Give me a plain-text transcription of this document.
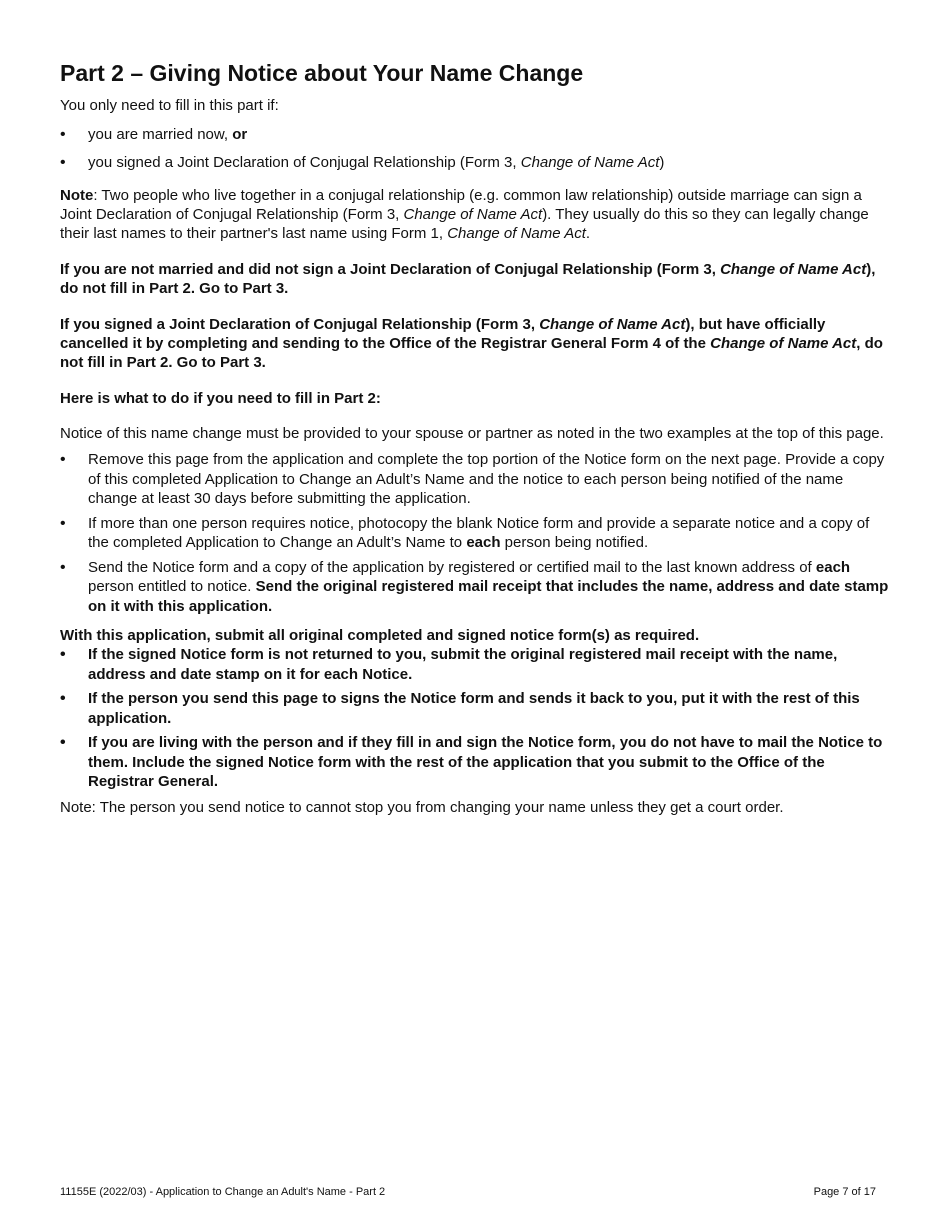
Part 2 – Giving Notice about Your Name Change

You only need to fill in this part if:

• you are married now, or
• you signed a Joint Declaration of Conjugal Relationship (Form 3, Change of Name Act)

Note: Two people who live together in a conjugal relationship (e.g. common law relationship) outside marriage can sign a Joint Declaration of Conjugal Relationship (Form 3, Change of Name Act). They usually do this so they can legally change their last names to their partner's last name using Form 1, Change of Name Act.

If you are not married and did not sign a Joint Declaration of Conjugal Relationship (Form 3, Change of Name Act), do not fill in Part 2. Go to Part 3.

If you signed a Joint Declaration of Conjugal Relationship (Form 3, Change of Name Act), but have officially cancelled it by completing and sending to the Office of the Registrar General Form 4 of the Change of Name Act, do not fill in Part 2. Go to Part 3.

Here is what to do if you need to fill in Part 2:

Notice of this name change must be provided to your spouse or partner as noted in the two examples at the top of this page.

• Remove this page from the application and complete the top portion of the Notice form on the next page. Provide a copy of this completed Application to Change an Adult’s Name and the notice to each person being notified of the name change at least 30 days before submitting the application.
• If more than one person requires notice, photocopy the blank Notice form and provide a separate notice and a copy of the completed Application to Change an Adult’s Name to each person being notified.
• Send the Notice form and a copy of the application by registered or certified mail to the last known address of each person entitled to notice. Send the original registered mail receipt that includes the name, address and date stamp on it with this application.

With this application, submit all original completed and signed notice form(s) as required.

• If the signed Notice form is not returned to you, submit the original registered mail receipt with the name, address and date stamp on it for each Notice.
• If the person you send this page to signs the Notice form and sends it back to you, put it with the rest of this application.
• If you are living with the person and if they fill in and sign the Notice form, you do not have to mail the Notice to them. Include the signed Notice form with the rest of the application that you submit to the Office of the Registrar General.

Note: The person you send notice to cannot stop you from changing your name unless they get a court order.

11155E (2022/03) - Application to Change an Adult's Name - Part 2	Page 7 of 17
